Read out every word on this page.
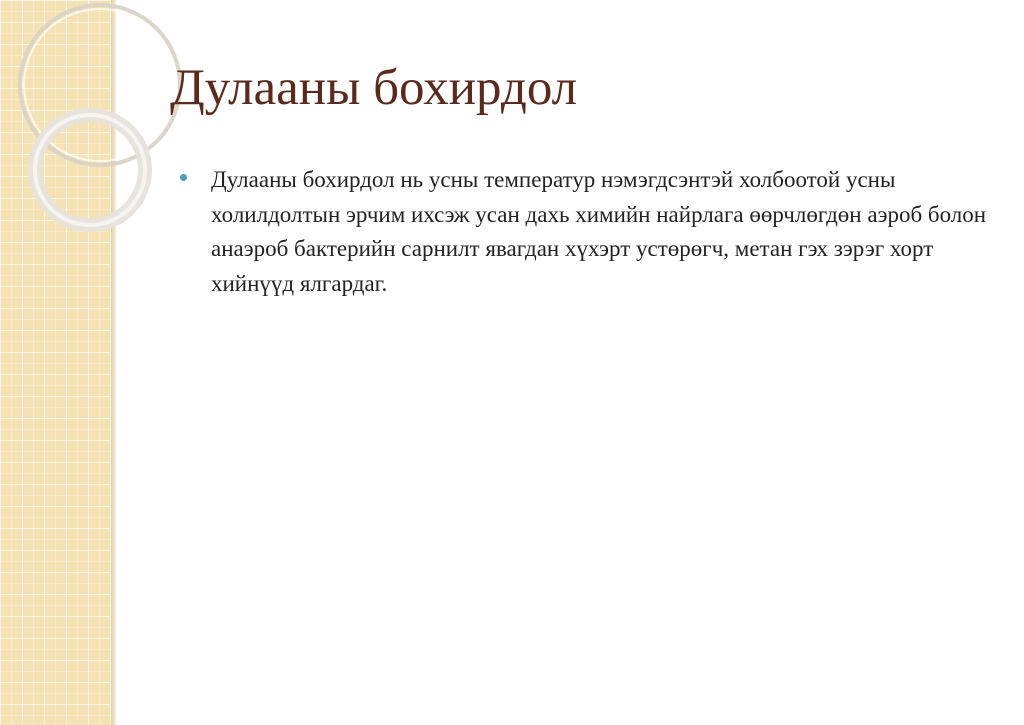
Дулааны бохирдол

Дулааны бохирдол нь усны температур нэмэгдсэнтэй холбоотой усны холилдолтын эрчим ихсэж усан дахь химийн найрлага өөрчлөгдөн аэроб болон анаэроб бактерийн сарнилт явагдан хүхэрт устөрөгч, метан гэх зэрэг хорт хийнүүд ялгардаг.
